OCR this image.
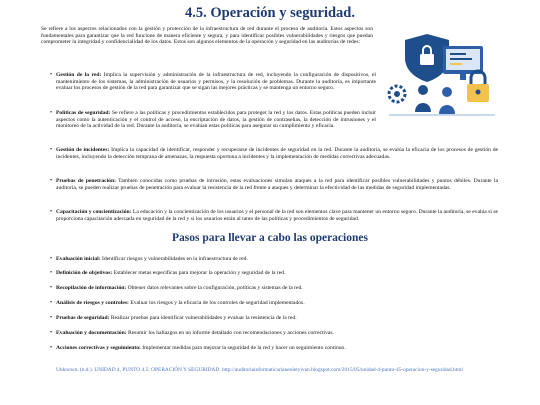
4.5. Operación y seguridad.

Se refiere a los aspectos relacionados con la gestión y protección de la infraestructura de red durante el proceso de auditoría. Estos aspectos son fundamentales para garantizar que la red funcione de manera eficiente y segura, y para identificar posibles vulnerabilidades y riesgos que puedan comprometer la integridad y confidencialidad de los datos. Estos son algunos elementos de la operación y seguridad en las auditorías de redes:

• Gestión de la red: Implica la supervisión y administración de la infraestructura de red, incluyendo la configuración de dispositivos, el mantenimiento de los sistemas, la administración de usuarios y permisos, y la resolución de problemas. Durante la auditoría, es importante evaluar los procesos de gestión de la red para garantizar que se sigan las mejores prácticas y se mantenga un entorno seguro.
• Políticas de seguridad: Se refiere a las políticas y procedimientos establecidos para proteger la red y los datos. Estas políticas pueden incluir aspectos como la autenticación y el control de acceso, la encriptación de datos, la gestión de contraseñas, la detección de intrusiones y el monitoreo de la actividad de la red. Durante la auditoría, se evalúan estas políticas para asegurar su cumplimiento y eficacia.
• Gestión de incidentes: Implica la capacidad de identificar, responder y recuperarse de incidentes de seguridad en la red. Durante la auditoría, se evalúa la eficacia de los procesos de gestión de incidentes, incluyendo la detección temprana de amenazas, la respuesta oportuna a incidentes y la implementación de medidas correctivas adecuadas.
• Pruebas de penetración: También conocidas como pruebas de intrusión, estas evaluaciones simulan ataques a la red para identificar posibles vulnerabilidades y puntos débiles. Durante la auditoría, se pueden realizar pruebas de penetración para evaluar la resistencia de la red frente a ataques y determinar la efectividad de las medidas de seguridad implementadas.
• Capacitación y concientización: La educación y la concientización de los usuarios y el personal de la red son elementos clave para mantener un entorno seguro. Durante la auditoría, se evalúa si se proporciona capacitación adecuada en seguridad de la red y si los usuarios están al tanto de las políticas y procedimientos de seguridad.
Pasos para llevar a cabo las operaciones
• Evaluación inicial: Identificar riesgos y vulnerabilidades en la infraestructura de red.
• Definición de objetivos: Establecer metas específicas para mejorar la operación y seguridad de la red.
• Recopilación de información: Obtener datos relevantes sobre la configuración, políticas y sistemas de la red.
• Análisis de riesgos y controles: Evaluar los riesgos y la eficacia de los controles de seguridad implementados.
• Pruebas de seguridad: Realizar pruebas para identificar vulnerabilidades y evaluar la resistencia de la red.
• Evaluación y documentación: Resumir los hallazgos en un informe detallado con recomendaciones y acciones correctivas.
• Acciones correctivas y seguimiento: Implementar medidas para mejorar la seguridad de la red y hacer un seguimiento continuo.

Unknown. (n.d.). UNIDAD 4, PUNTO 4.5: OPERACIÓN Y SEGURIDAD. http://auditoriainformaticarianeoletyivan.blogspot.com/2015/05/unidad-4-punto-45-operacion-y-seguridad.html
